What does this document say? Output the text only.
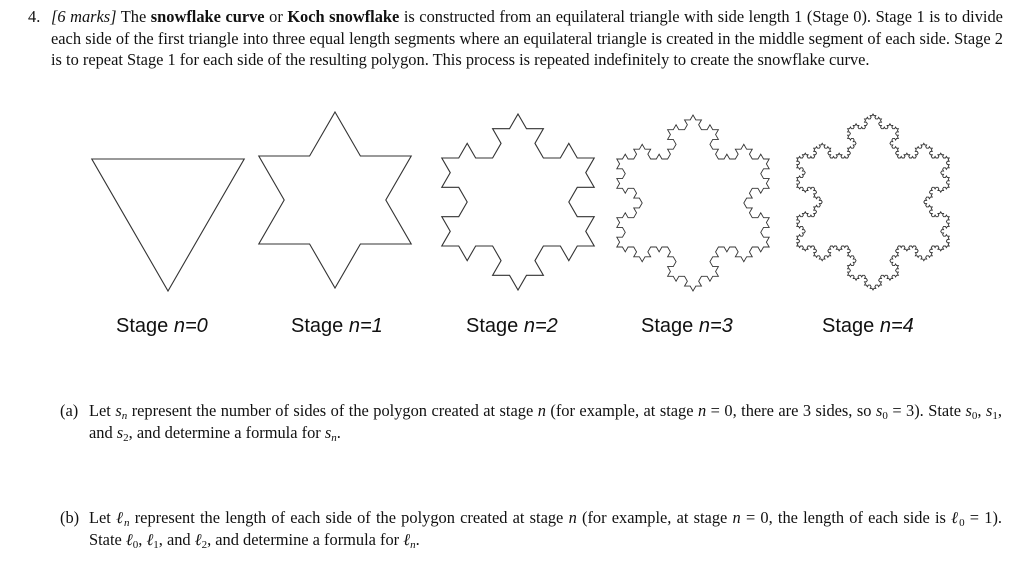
4. [6 marks] The snowflake curve or Koch snowflake is constructed from an equilateral triangle with side length 1 (Stage 0). Stage 1 is to divide each side of the first triangle into three equal length segments where an equilateral triangle is created in the middle segment of each side. Stage 2 is to repeat Stage 1 for each side of the resulting polygon. This process is repeated indefinitely to create the snowflake curve.
Stage n=0	Stage n=1	Stage n=2	Stage n=3	Stage n=4
(a) Let $s_n$ represent the number of sides of the polygon created at stage n (for example, at stage n = 0, there are 3 sides, so $s_0 = 3$). State $s_0$, $s_1$, and $s_2$, and determine a formula for $s_n$.
(b) Let ℓ$_n$ represent the length of each side of the polygon created at stage n (for example, at stage n = 0, the length of each side is ℓ$_0$ = 1). State ℓ$_0$, ℓ$_1$, and ℓ$_2$, and determine a formula for ℓ$_n$.
